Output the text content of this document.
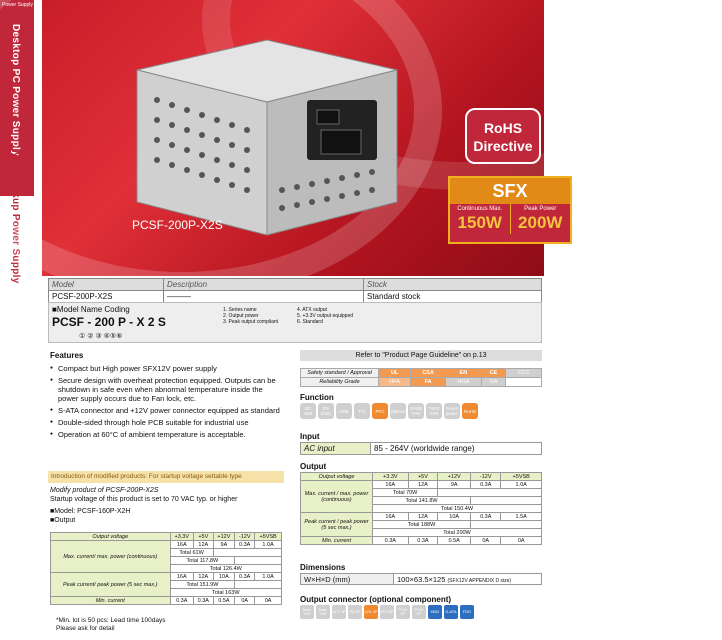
Power Supply
Desktop PC Power Supply
Non-backup Power Supply	PCSF-200P-X2S
RoHS
Directive
SFX
Continuous Max.
150W
Peak Power
200W
Model	Description	Stock
PCSF-200P-X2S	———	Standard stock
■Model Name Coding
PCSF - 200 P - X 2 S
① ② ③ ④⑤⑥
1. Series name
2. Output power
3. Peak output compliant
4. ATX output
5. +3.3V output equipped
6. Standard
Features
● Compact but High power SFX12V power supply
● Secure design with overheat protection equipped. Outputs can be shutdown in safe even when abnormal temperature inside the power supply occurs due to Fan lock, etc.
● S-ATA connector and +12V power connector equipped as standard
● Double-sided through hole PCB suitable for industrial use
● Operation at 60°C of ambient temperature is acceptable.
Introduction of modified products: For startup voltage settable type
Modify product of PCSF-200P-X2S
Startup voltage of this product is set to 70 VAC typ. or higher
■Model: PCSF-160P-X2H
■Output
Output voltage	+3.3V	+5V	+12V	-12V	+5VSB
Max. current/ max. power (continuous)	16A	12A	9A	0.3A	1.0A
	Total 61W				
	Total 117.8W				
	Total 126.4W				
Peak current/ peak power (5 sec max.)	16A	12A	10A	0.3A	1.0A
	Total 151.9W				
	Total 163W				
Min. current	0.3A	0.3A	0.5A	0A	0A
*Min. lot is 50 pcs: Lead time 100days
Please ask for detail
Refer to "Product Page Guideline" on p.13
Safety standard / Approval	UL	CSA	EN	CE	CCC
Reliability Grade	HFA	FA	HGA	GA	
Function
DC start
RS 232C	USB	TTL	PFC	Silence	SVSB FAN
TSFC FAN
Green power	RoHS
Input
AC input	85 - 264V (worldwide range)
Output
Output voltage	+3.3V	+5V	+12V	-12V	+5VSB
Max. current / max. power (continuous)	16A	12A	9A	0.3A	1.0A
	Total 70W				
	Total 141.8W				
	Total 150.4W				
Peak current / peak power (5 sec max.)	16A	12A	10A	0.3A	1.5A
	Total 188W				
	Total 200W				
Min. current	0.3A	0.3A	0.5A	0A	0A
Dimensions
W×H×D (mm)	100×63.5×125 (SFX12V APPENDIX D size)
Output connector (optional component)
Main 20P
Main 24P	ATX 4P P8 4P 12V 4P EPS 8P	PCIe 6P
PCIe 8P	HDD	S-ATA	FDD
